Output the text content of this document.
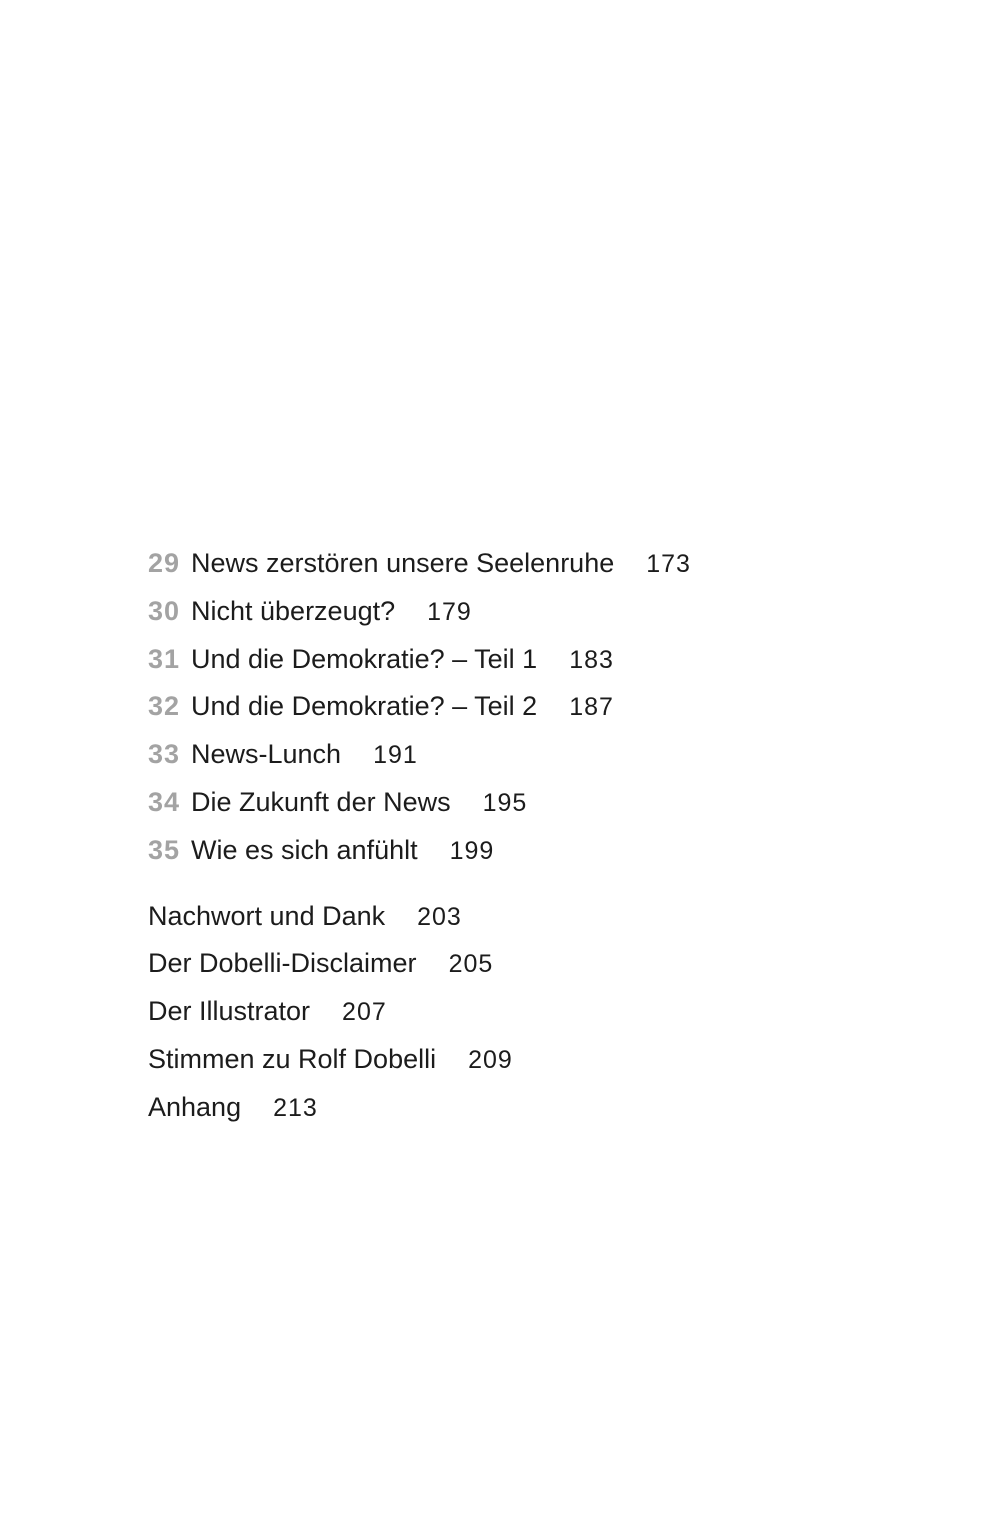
29 News zerstören unsere Seelenruhe 173
30 Nicht überzeugt? 179
31 Und die Demokratie? – Teil 1 183
32 Und die Demokratie? – Teil 2 187
33 News-Lunch 191
34 Die Zukunft der News 195
35 Wie es sich anfühlt 199
Nachwort und Dank 203
Der Dobelli-Disclaimer 205
Der Illustrator 207
Stimmen zu Rolf Dobelli 209
Anhang 213
